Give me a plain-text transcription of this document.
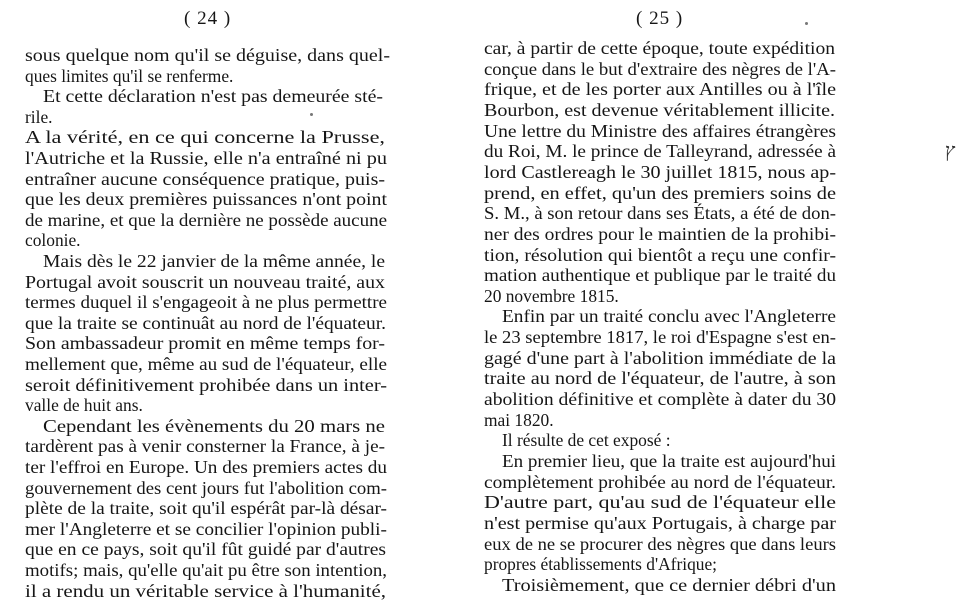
( 24 )
sous quelque nom qu'il se déguise, dans quel-
ques limites qu'il se renferme.
Et cette déclaration n'est pas demeurée sté-
rile.
A la vérité, en ce qui concerne la Prusse,
l'Autriche et la Russie, elle n'a entraîné ni pu
entraîner aucune conséquence pratique, puis-
que les deux premières puissances n'ont point
de marine, et que la dernière ne possède aucune
colonie.
Mais dès le 22 janvier de la même année, le
Portugal avoit souscrit un nouveau traité, aux
termes duquel il s'engageoit à ne plus permettre
que la traite se continuât au nord de l'équateur.
Son ambassadeur promit en même temps for-
mellement que, même au sud de l'équateur, elle
seroit définitivement prohibée dans un inter-
valle de huit ans.
Cependant les évènements du 20 mars ne
tardèrent pas à venir consterner la France, à je-
ter l'effroi en Europe. Un des premiers actes du
gouvernement des cent jours fut l'abolition com-
plète de la traite, soit qu'il espérât par-là désar-
mer l'Angleterre et se concilier l'opinion publi-
que en ce pays, soit qu'il fût guidé par d'autres
motifs; mais, qu'elle qu'ait pu être son intention,
il a rendu un véritable service à l'humanité,
( 25 )
car, à partir de cette époque, toute expédition
conçue dans le but d'extraire des nègres de l'A-
frique, et de les porter aux Antilles ou à l'île
Bourbon, est devenue véritablement illicite.
Une lettre du Ministre des affaires étrangères
du Roi, M. le prince de Talleyrand, adressée à
lord Castlereagh le 30 juillet 1815, nous ap-
prend, en effet, qu'un des premiers soins de
S. M., à son retour dans ses États, a été de don-
ner des ordres pour le maintien de la prohibi-
tion, résolution qui bientôt a reçu une confir-
mation authentique et publique par le traité du
20 novembre 1815.
Enfin par un traité conclu avec l'Angleterre
le 23 septembre 1817, le roi d'Espagne s'est en-
gagé d'une part à l'abolition immédiate de la
traite au nord de l'équateur, de l'autre, à son
abolition définitive et complète à dater du 30
mai 1820.
Il résulte de cet exposé :
En premier lieu, que la traite est aujourd'hui
complètement prohibée au nord de l'équateur.
D'autre part, qu'au sud de l'équateur elle
n'est permise qu'aux Portugais, à charge par
eux de ne se procurer des nègres que dans leurs
propres établissements d'Afrique;
Troisièmement, que ce dernier débri d'un
ץ
